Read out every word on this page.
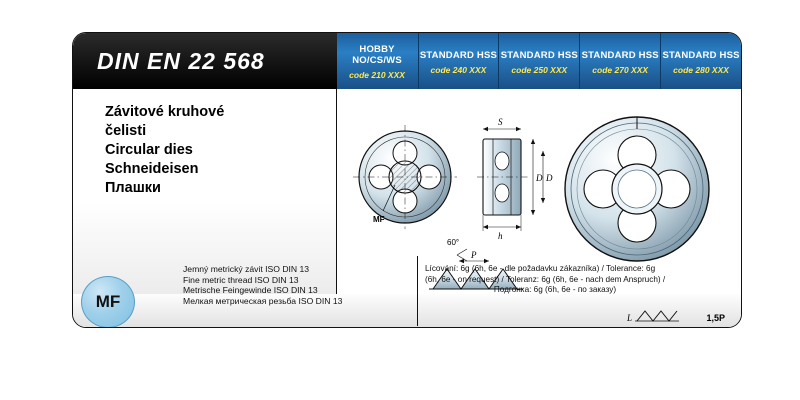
DIN EN 22 568	HOBBY NO/CS/WS
code 210 XXX
STANDARD HSS
code 240 XXX
STANDARD HSS
code 250 XXX
STANDARD HSS
code 270 XXX
STANDARD HSS
code 280 XXX
Závitové kruhové
čelisti
Circular dies
Schneideisen
Плашки
MF
S
h
D D
60°
P
MF
Jemný metrický závit ISO DIN 13
Fine metric thread ISO DIN 13
Metrische Feingewinde ISO DIN 13
Мелкая метрическая резьба ISO DIN 13
Lícování: 6g (6h, 6e - dle požadavku zákazníka) / Tolerance: 6g
(6h, 6e - on request) / Toleranz: 6g (6h, 6e - nach dem Anspruch) /
Подгонка: 6g (6h, 6e - по заказу)
L	1,5P
